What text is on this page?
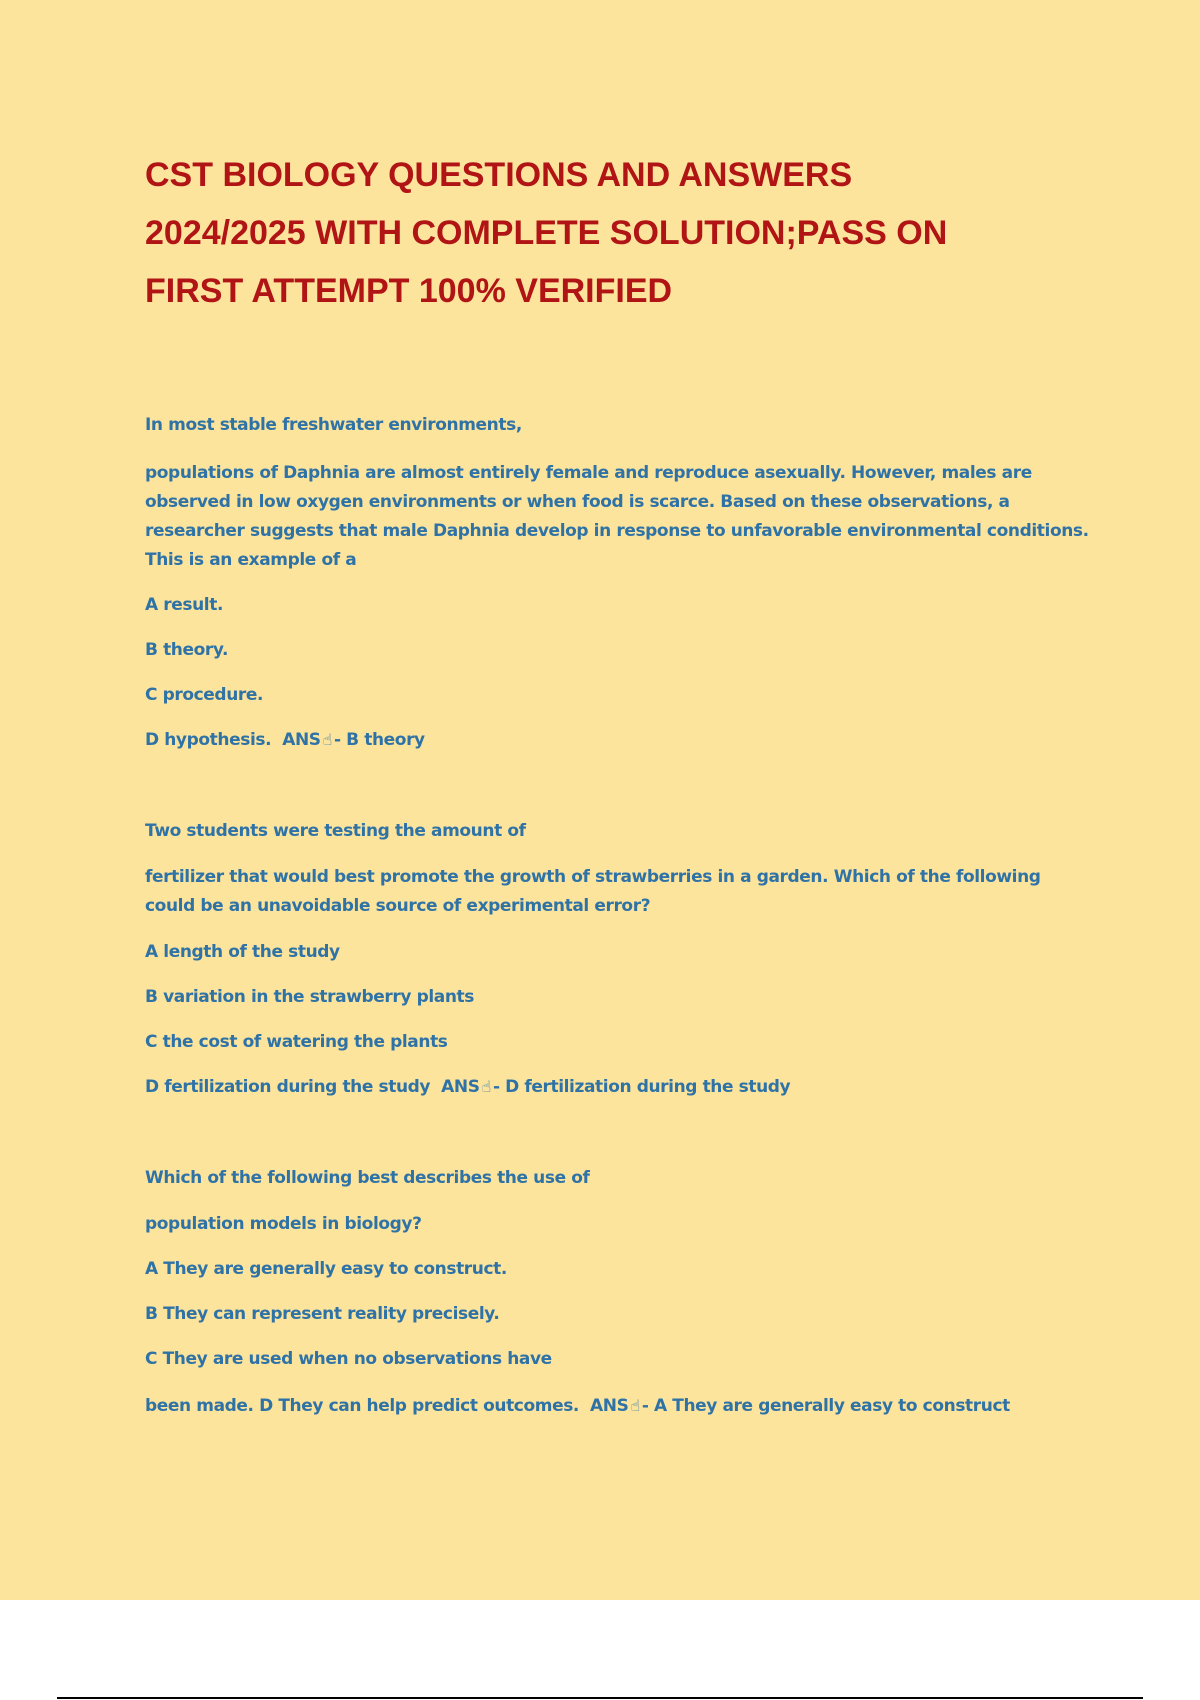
CST BIOLOGY QUESTIONS AND ANSWERS
2024/2025 WITH COMPLETE SOLUTION;PASS ON
FIRST ATTEMPT 100% VERIFIED
In most stable freshwater environments,
populations of Daphnia are almost entirely female and reproduce asexually. However, males are
observed in low oxygen environments or when food is scarce. Based on these observations, a
researcher suggests that male Daphnia develop in response to unfavorable environmental conditions.
This is an example of a
A result.
B theory.
C procedure.
D hypothesis. ANS ☝ - B theory
Two students were testing the amount of
fertilizer that would best promote the growth of strawberries in a garden. Which of the following
could be an unavoidable source of experimental error?
A length of the study
B variation in the strawberry plants
C the cost of watering the plants
D fertilization during the study ANS ☝ - D fertilization during the study
Which of the following best describes the use of
population models in biology?
A They are generally easy to construct.
B They can represent reality precisely.
C They are used when no observations have
been made. D They can help predict outcomes. ANS ☝ - A They are generally easy to construct
